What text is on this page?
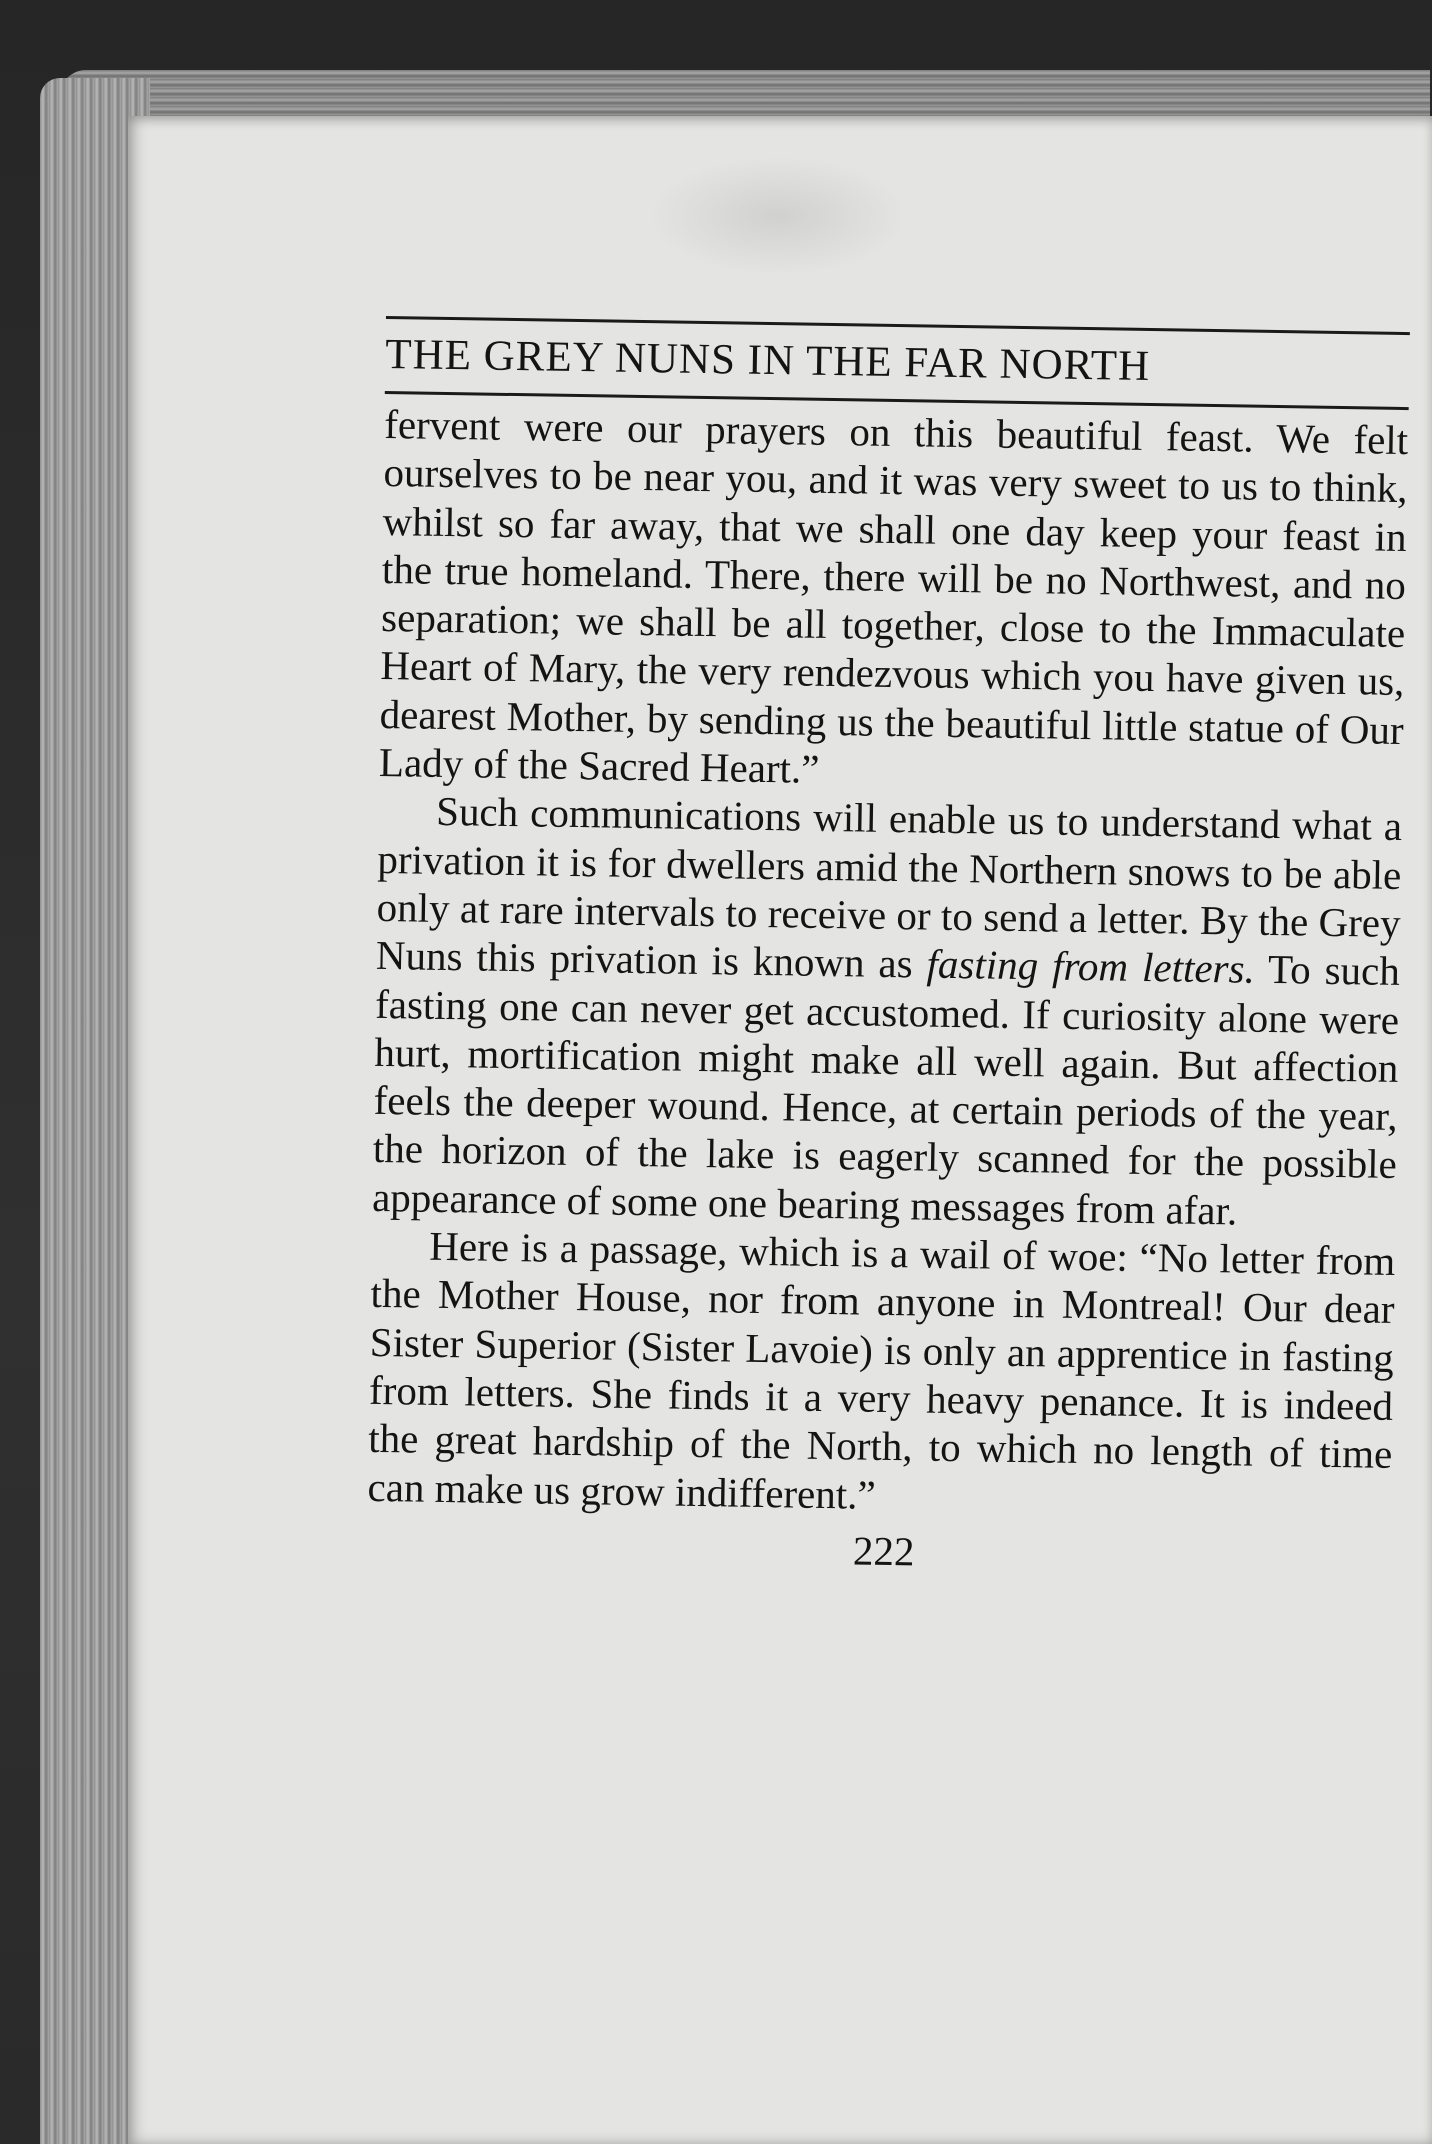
THE GREY NUNS IN THE FAR NORTH

fervent were our prayers on this beautiful feast. We felt ourselves to be near you, and it was very sweet to us to think, whilst so far away, that we shall one day keep your feast in the true homeland. There, there will be no Northwest, and no separation; we shall be all together, close to the Immaculate Heart of Mary, the very rendezvous which you have given us, dearest Mother, by sending us the beautiful little statue of Our Lady of the Sacred Heart.”

Such communications will enable us to understand what a privation it is for dwellers amid the Northern snows to be able only at rare intervals to receive or to send a letter. By the Grey Nuns this privation is known as fasting from letters. To such fasting one can never get accustomed. If curiosity alone were hurt, mortification might make all well again. But affection feels the deeper wound. Hence, at certain periods of the year, the horizon of the lake is eagerly scanned for the possible appearance of some one bearing messages from afar.

Here is a passage, which is a wail of woe: “No letter from the Mother House, nor from anyone in Montreal! Our dear Sister Superior (Sister Lavoie) is only an apprentice in fasting from letters. She finds it a very heavy penance. It is indeed the great hardship of the North, to which no length of time can make us grow indifferent.”

222
